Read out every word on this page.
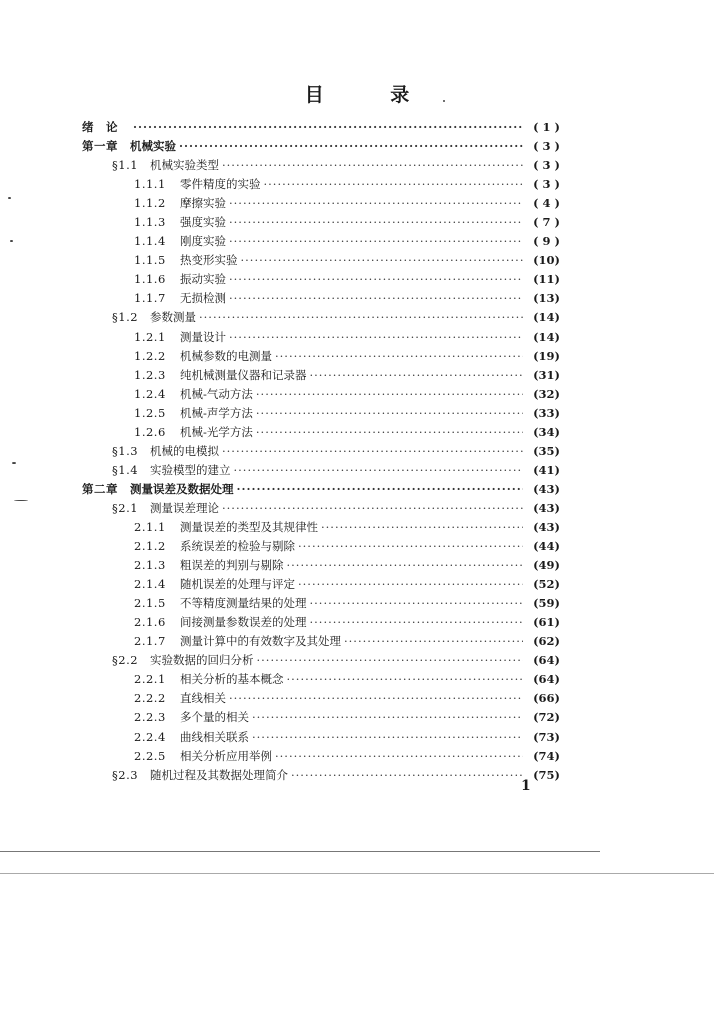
目 录
绪　论 ·····	( 1 )
第一章	机械实验 ·····	( 3 )
§1.1	机械实验类型 ·····	( 3 )
1.1.1	零件精度的实验 ·····	( 3 )
1.1.2	摩擦实验 ·····	( 4 )
1.1.3	强度实验 ·····	( 7 )
1.1.4	刚度实验 ·····	( 9 )
1.1.5	热变形实验 ·····	(10)
1.1.6	振动实验 ·····	(11)
1.1.7	无损检测 ·····	(13)
§1.2	参数测量 ·····	(14)
1.2.1	测量设计 ·····	(14)
1.2.2	机械参数的电测量 ·····	(19)
1.2.3	纯机械测量仪器和记录器 ·····	(31)
1.2.4	机械-气动方法 ·····	(32)
1.2.5	机械-声学方法 ·····	(33)
1.2.6	机械-光学方法 ·····	(34)
§1.3	机械的电模拟 ·····	(35)
§1.4	实验模型的建立 ·····	(41)
第二章	测量误差及数据处理 ·····	(43)
§2.1	测量误差理论 ·····	(43)
2.1.1	测量误差的类型及其规律性 ·····	(43)
2.1.2	系统误差的检验与剔除 ·····	(44)
2.1.3	粗误差的判别与剔除 ·····	(49)
2.1.4	随机误差的处理与评定 ·····	(52)
2.1.5	不等精度测量结果的处理 ·····	(59)
2.1.6	间接测量参数误差的处理 ·····	(61)
2.1.7	测量计算中的有效数字及其处理 ·····	(62)
§2.2	实验数据的回归分析 ·····	(64)
2.2.1	相关分析的基本概念 ·····	(64)
2.2.2	直线相关 ·····	(66)
2.2.3	多个量的相关 ·····	(72)
2.2.4	曲线相关联系 ·····	(73)
2.2.5	相关分析应用举例 ·····	(74)
§2.3	随机过程及其数据处理简介 ·····	(75)
1
